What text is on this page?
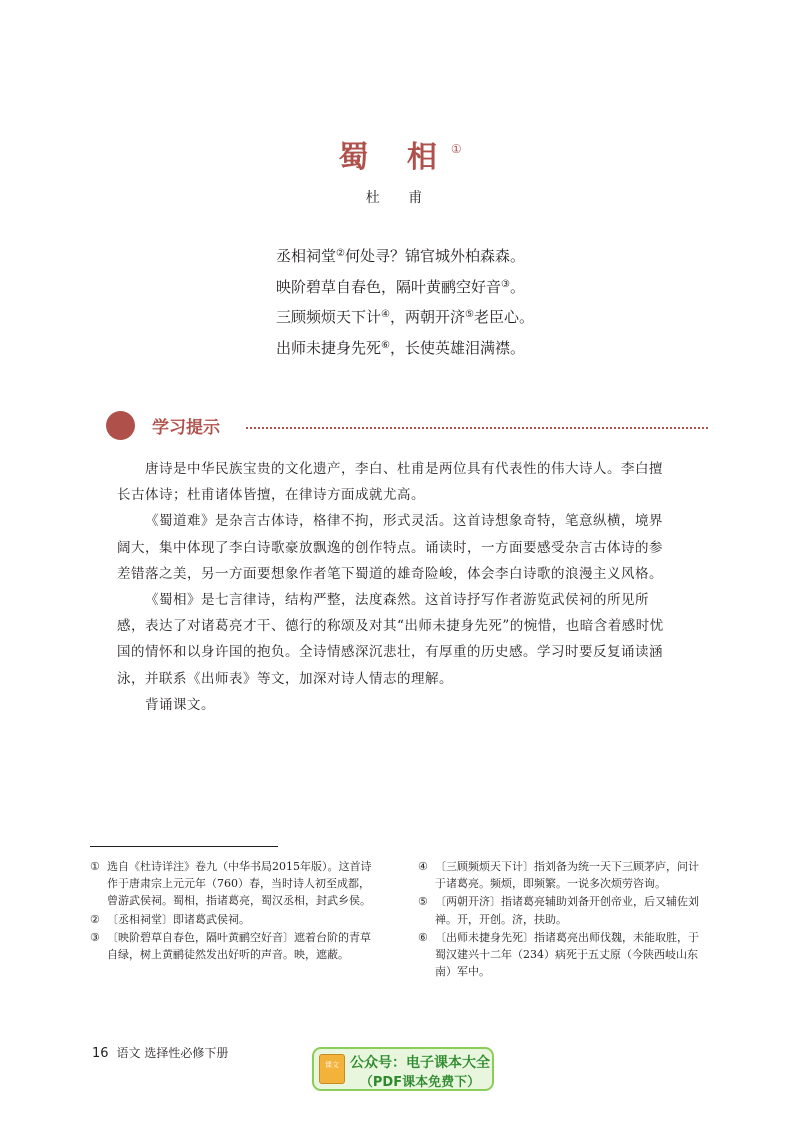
蜀 相①
杜 甫
丞相祠堂②何处寻？锦官城外柏森森。
映阶碧草自春色，隔叶黄鹂空好音③。
三顾频烦天下计④，两朝开济⑤老臣心。
出师未捷身先死⑥，长使英雄泪满襟。
学习提示

唐诗是中华民族宝贵的文化遗产，李白、杜甫是两位具有代表性的伟大诗人。李白擅长古体诗；杜甫诸体皆擅，在律诗方面成就尤高。

《蜀道难》是杂言古体诗，格律不拘，形式灵活。这首诗想象奇特，笔意纵横，境界阔大，集中体现了李白诗歌豪放飘逸的创作特点。诵读时，一方面要感受杂言古体诗的参差错落之美，另一方面要想象作者笔下蜀道的雄奇险峻，体会李白诗歌的浪漫主义风格。

《蜀相》是七言律诗，结构严整，法度森然。这首诗抒写作者游览武侯祠的所见所感，表达了对诸葛亮才干、德行的称颂及对其“出师未捷身先死”的惋惜，也暗含着感时忧国的情怀和以身许国的抱负。全诗情感深沉悲壮，有厚重的历史感。学习时要反复诵读涵泳，并联系《出师表》等文，加深对诗人情志的理解。

背诵课文。

① 选自《杜诗详注》卷九（中华书局2015年版）。这首诗作于唐肃宗上元元年（760）春，当时诗人初至成都，曾游武侯祠。蜀相，指诸葛亮，蜀汉丞相，封武乡侯。
② 〔丞相祠堂〕即诸葛武侯祠。
③ 〔映阶碧草自春色，隔叶黄鹂空好音〕遮着台阶的青草自绿，树上黄鹂徒然发出好听的声音。映，遮蔽。
④ 〔三顾频烦天下计〕指刘备为统一天下三顾茅庐，问计于诸葛亮。频烦，即频繁。一说多次烦劳咨询。
⑤ 〔两朝开济〕指诸葛亮辅助刘备开创帝业，后又辅佐刘禅。开，开创。济，扶助。
⑥ 〔出师未捷身先死〕指诸葛亮出师伐魏，未能取胜，于蜀汉建兴十二年（234）病死于五丈原（今陕西岐山东南）军中。
16 语文 选择性必修下册
课文 公众号：电子课本大全
（PDF课本免费下）
